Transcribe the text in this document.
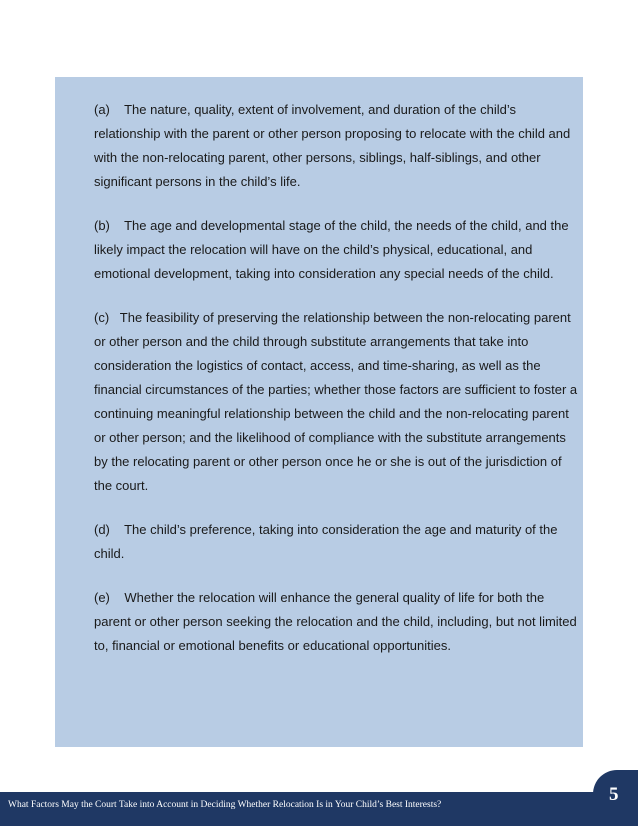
(a) The nature, quality, extent of involvement, and duration of the child’s relationship with the parent or other person proposing to relocate with the child and with the non-relocating parent, other persons, siblings, half-siblings, and other significant persons in the child’s life.

(b) The age and developmental stage of the child, the needs of the child, and the likely impact the relocation will have on the child’s physical, educational, and emotional development, taking into consideration any special needs of the child.

(c) The feasibility of preserving the relationship between the non-relocating parent or other person and the child through substitute arrangements that take into consideration the logistics of contact, access, and time-sharing, as well as the financial circumstances of the parties; whether those factors are sufficient to foster a continuing meaningful relationship between the child and the non-relocating parent or other person; and the likelihood of compliance with the substitute arrangements by the relocating parent or other person once he or she is out of the jurisdiction of the court.

(d) The child’s preference, taking into consideration the age and maturity of the child.

(e) Whether the relocation will enhance the general quality of life for both the parent or other person seeking the relocation and the child, including, but not limited to, financial or emotional benefits or educational opportunities.

What Factors May the Court Take into Account in Deciding Whether Relocation Is in Your Child’s Best Interests?	5
